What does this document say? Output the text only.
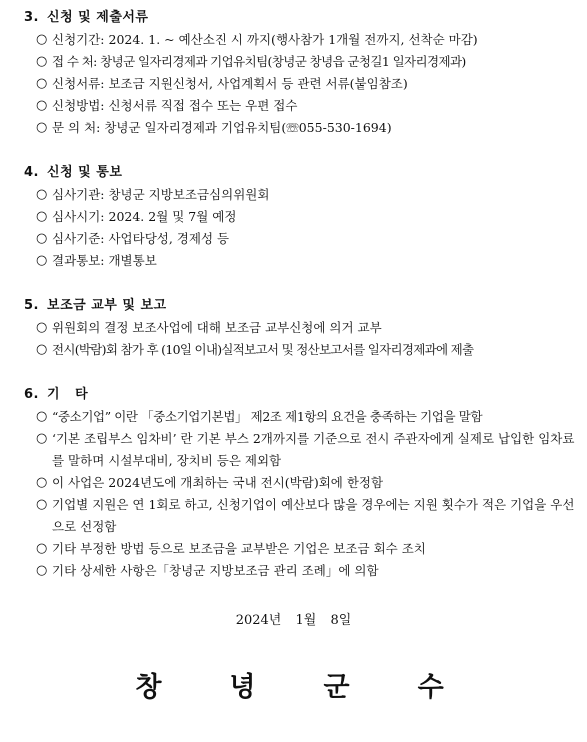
3. 신청 및 제출서류
○ 신청기간: 2024. 1. ~ 예산소진 시 까지(행사참가 1개월 전까지, 선착순 마감)
○ 접 수 처: 창녕군 일자리경제과 기업유치팀(창녕군 창녕읍 군청길1 일자리경제과)
○ 신청서류: 보조금 지원신청서, 사업계획서 등 관련 서류(붙임참조)
○ 신청방법: 신청서류 직접 접수 또는 우편 접수
○ 문 의 처: 창녕군 일자리경제과 기업유치팀(☏055-530-1694)
4. 신청 및 통보
○ 심사기관: 창녕군 지방보조금심의위원회
○ 심사시기: 2024. 2월 및 7월 예정
○ 심사기준: 사업타당성, 경제성 등
○ 결과통보: 개별통보
5. 보조금 교부 및 보고
○ 위원회의 결정 보조사업에 대해 보조금 교부신청에 의거 교부
○ 전시(박람)회 참가 후 (10일 이내)실적보고서 및 정산보고서를 일자리경제과에 제출
6. 기   타
○ “중소기업” 이란 「중소기업기본법」 제2조 제1항의 요건을 충족하는 기업을 말함
○ ‘기본 조립부스 임차비’ 란 기본 부스 2개까지를 기준으로 전시 주관자에게 실제로 납입한 임차료를 말하며 시설부대비, 장치비 등은 제외함
○ 이 사업은 2024년도에 개최하는 국내 전시(박람)회에 한정함
○ 기업별 지원은 연 1회로 하고, 신청기업이 예산보다 많을 경우에는 지원 횟수가 적은 기업을 우선으로 선정함
○ 기타 부정한 방법 등으로 보조금을 교부받은 기업은 보조금 회수 조치
○ 기타 상세한 사항은「창녕군 지방보조금 관리 조례」에 의함
2024년 1월 8일
창녕군수
